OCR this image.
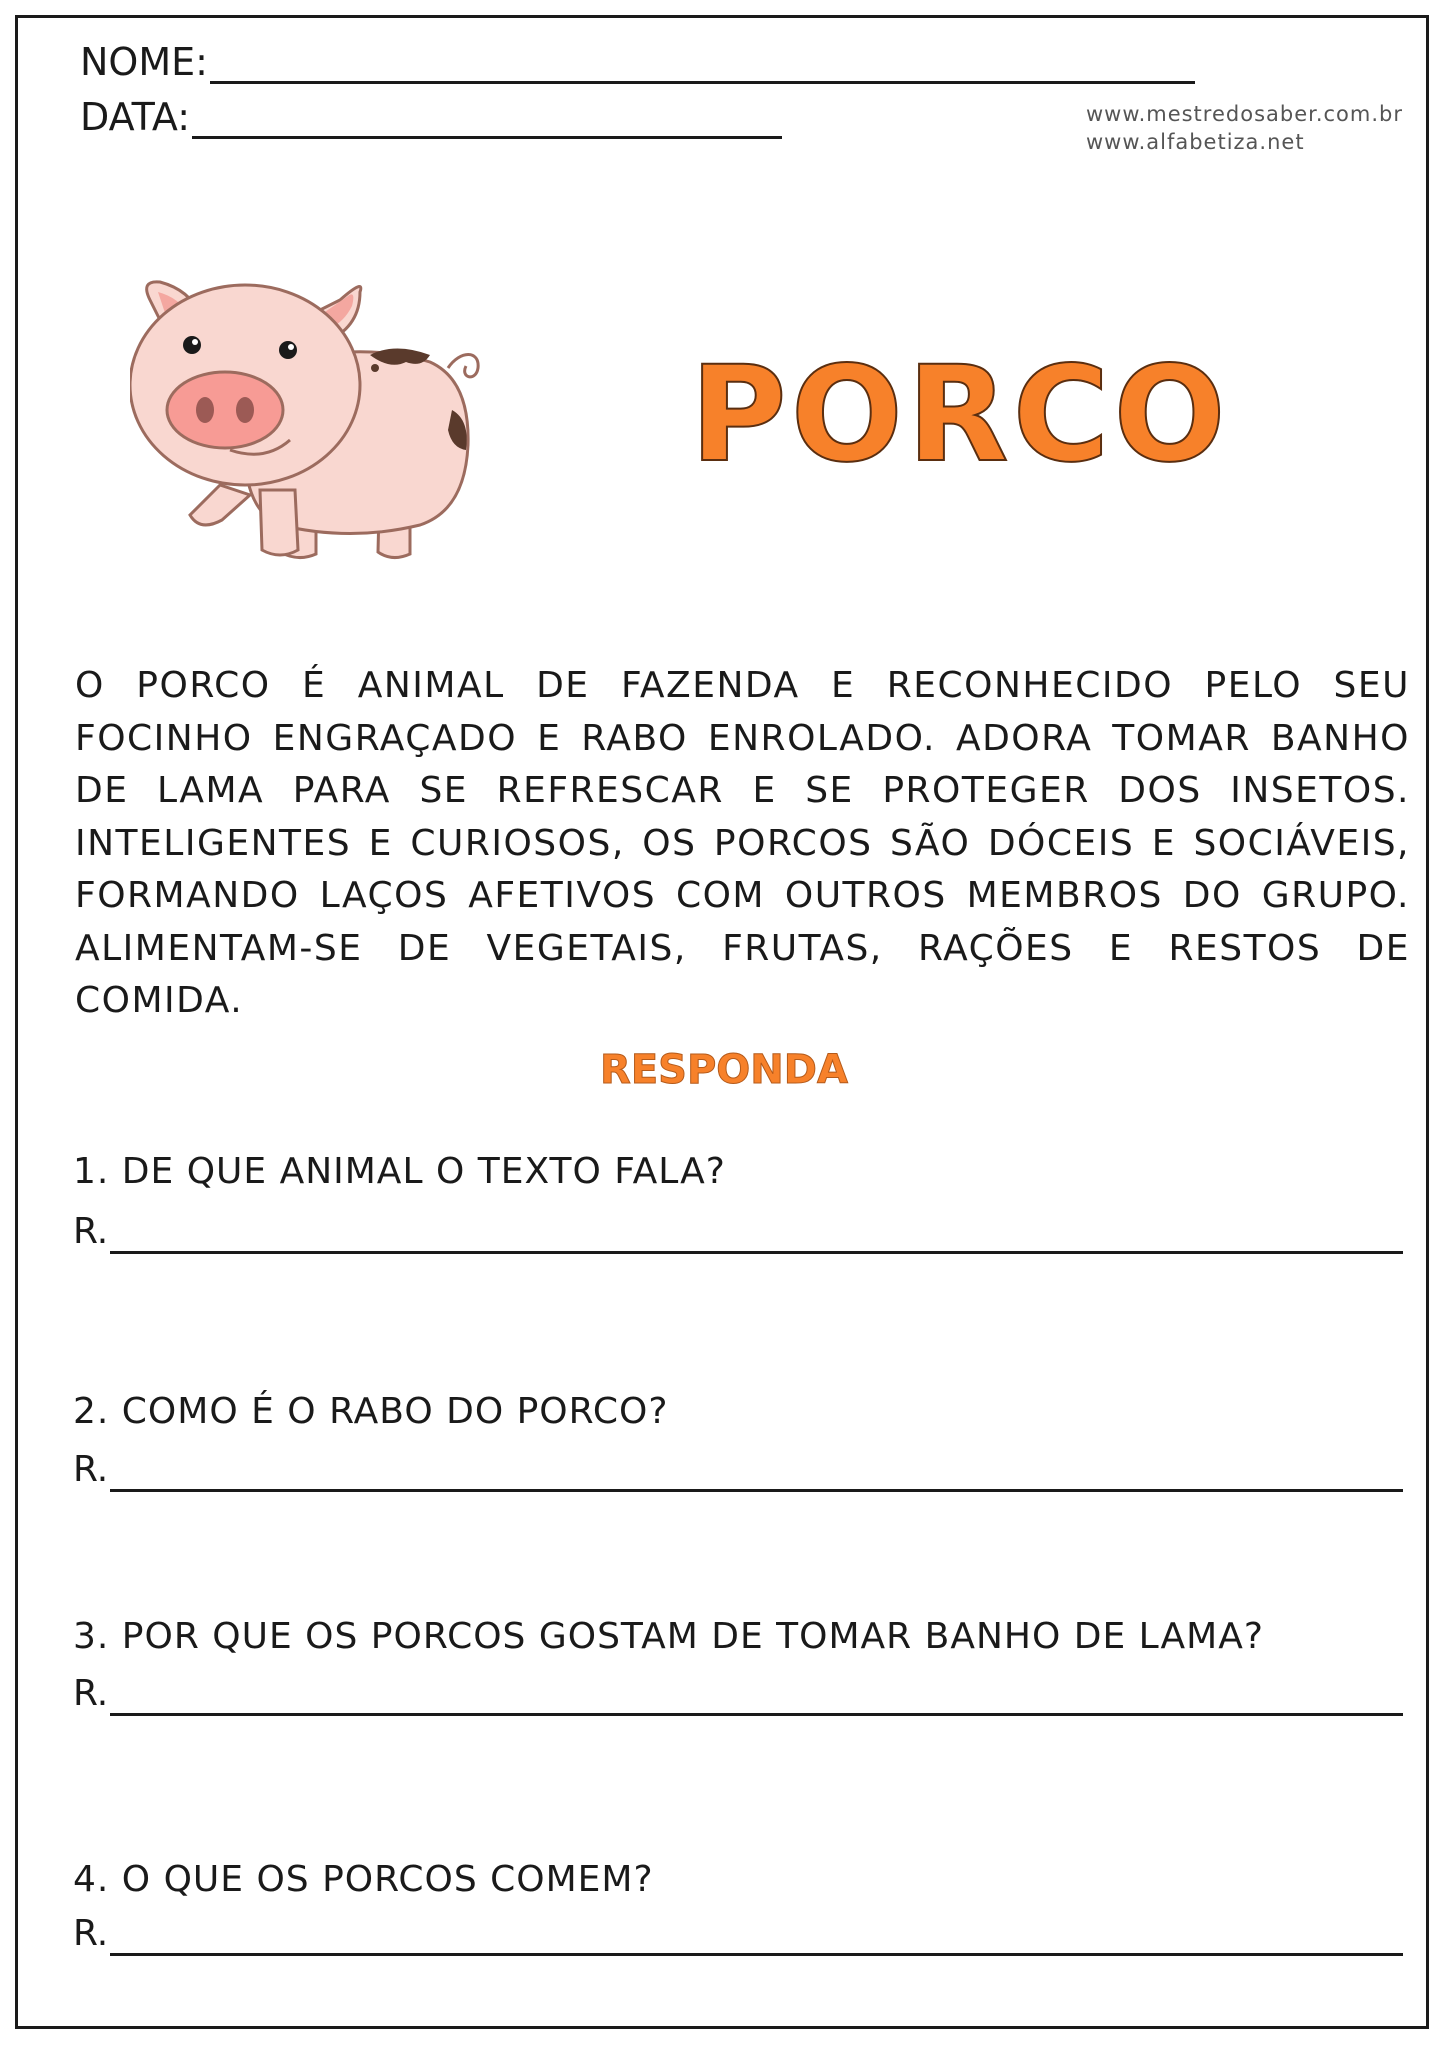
NOME:
DATA:	www.mestredosaber.com.br
www.alfabetiza.net
PORCO
O PORCO É ANIMAL DE FAZENDA E RECONHECIDO PELO SEU FOCINHO ENGRAÇADO E RABO ENROLADO. ADORA TOMAR BANHO DE LAMA PARA SE REFRESCAR E SE PROTEGER DOS INSETOS. INTELIGENTES E CURIOSOS, OS PORCOS SÃO DÓCEIS E SOCIÁVEIS, FORMANDO LAÇOS AFETIVOS COM OUTROS MEMBROS DO GRUPO. ALIMENTAM-SE DE VEGETAIS, FRUTAS, RAÇÕES E RESTOS DE COMIDA.
RESPONDA
1. DE QUE ANIMAL O TEXTO FALA?
R.
2. COMO É O RABO DO PORCO?
R.
3. POR QUE OS PORCOS GOSTAM DE TOMAR BANHO DE LAMA?
R.
4. O QUE OS PORCOS COMEM?
R.
